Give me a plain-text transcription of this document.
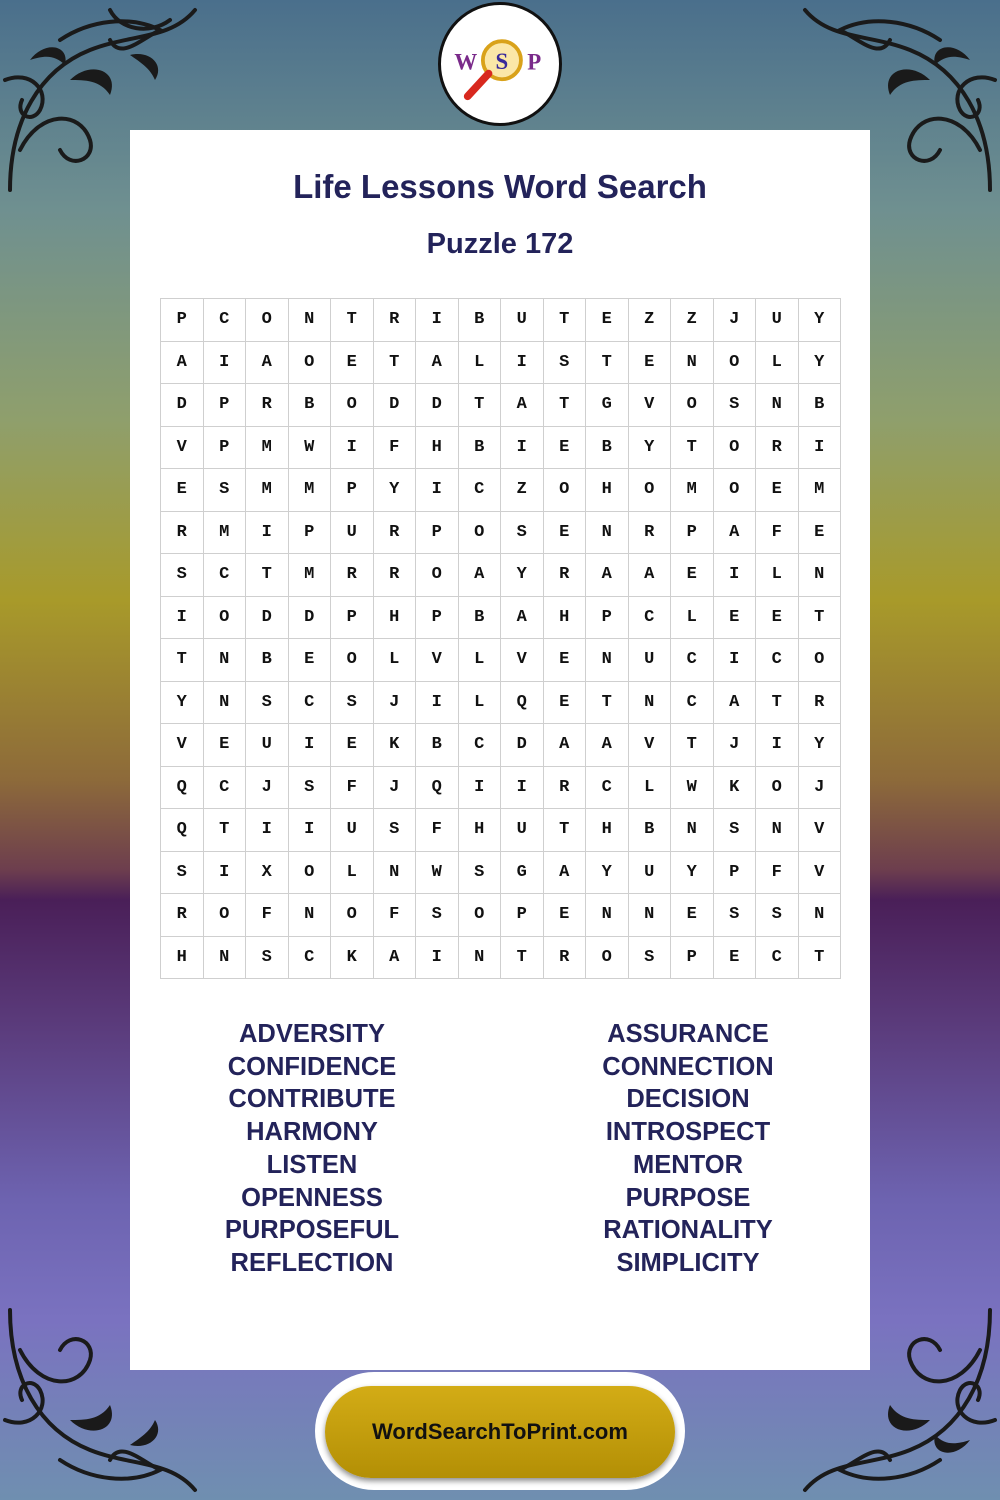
W S P
Life Lessons Word Search
Puzzle 172
P	C	O	N	T	R	I	B	U	T	E	Z	Z	J	U	Y
A	I	A	O	E	T	A	L	I	S	T	E	N	O	L	Y
D	P	R	B	O	D	D	T	A	T	G	V	O	S	N	B
V	P	M	W	I	F	H	B	I	E	B	Y	T	O	R	I
E	S	M	M	P	Y	I	C	Z	O	H	O	M	O	E	M
R	M	I	P	U	R	P	O	S	E	N	R	P	A	F	E
S	C	T	M	R	R	O	A	Y	R	A	A	E	I	L	N
I	O	D	D	P	H	P	B	A	H	P	C	L	E	E	T
T	N	B	E	O	L	V	L	V	E	N	U	C	I	C	O
Y	N	S	C	S	J	I	L	Q	E	T	N	C	A	T	R
V	E	U	I	E	K	B	C	D	A	A	V	T	J	I	Y
Q	C	J	S	F	J	Q	I	I	R	C	L	W	K	O	J
Q	T	I	I	U	S	F	H	U	T	H	B	N	S	N	V
S	I	X	O	L	N	W	S	G	A	Y	U	Y	P	F	V
R	O	F	N	O	F	S	O	P	E	N	N	E	S	S	N
H	N	S	C	K	A	I	N	T	R	O	S	P	E	C	T
ADVERSITY
CONFIDENCE
CONTRIBUTE
HARMONY
LISTEN
OPENNESS
PURPOSEFUL
REFLECTION
ASSURANCE
CONNECTION
DECISION
INTROSPECT
MENTOR
PURPOSE
RATIONALITY
SIMPLICITY
WordSearchToPrint.com
